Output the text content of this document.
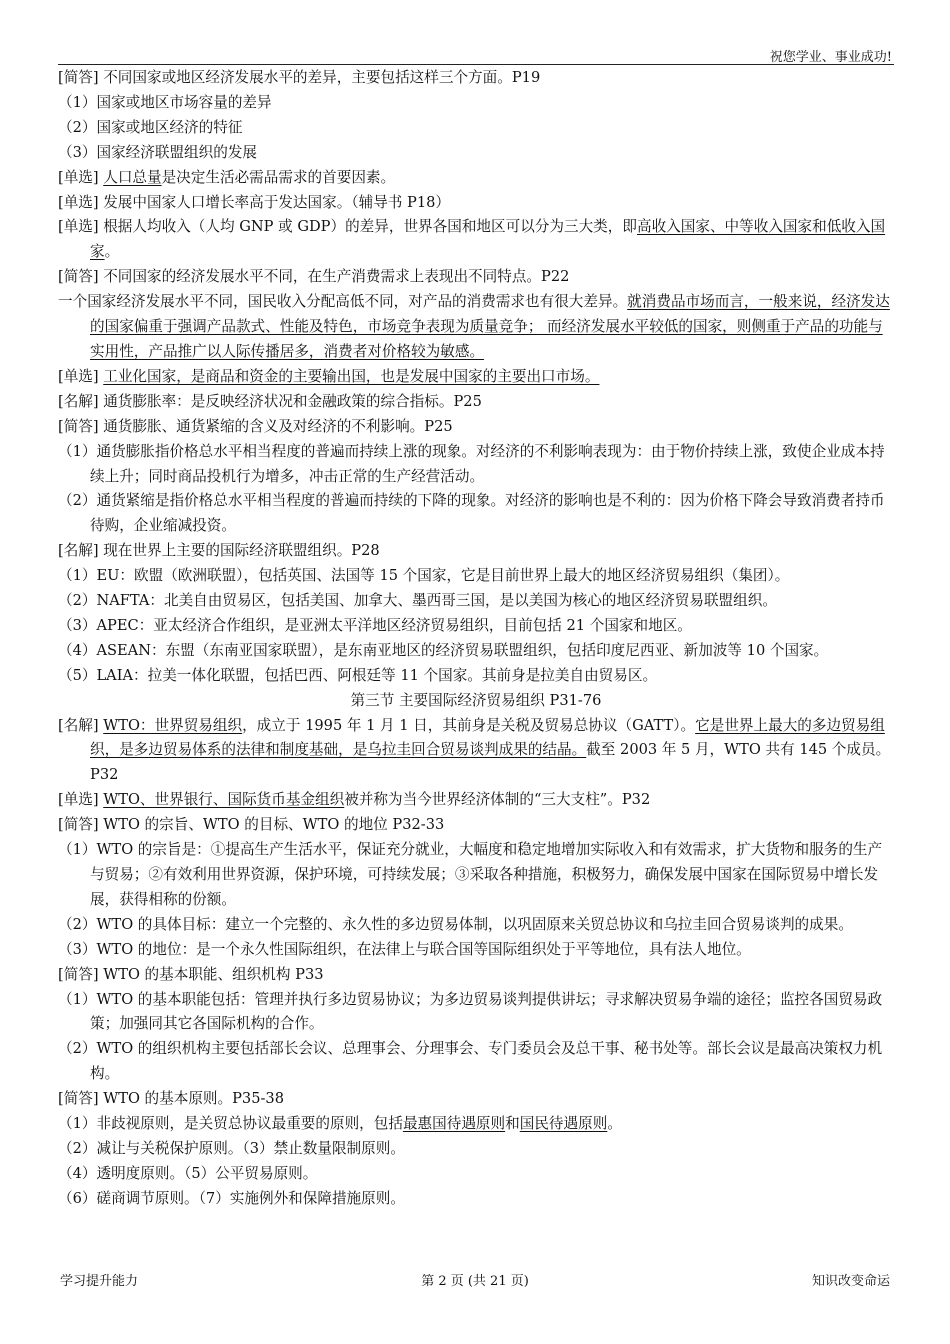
祝您学业、事业成功!
[简答] 不同国家或地区经济发展水平的差异，主要包括这样三个方面。P19
（1）国家或地区市场容量的差异
（2）国家或地区经济的特征
（3）国家经济联盟组织的发展
[单选] 人口总量是决定生活必需品需求的首要因素。
[单选] 发展中国家人口增长率高于发达国家。（辅导书 P18）
[单选] 根据人均收入（人均 GNP 或 GDP）的差异，世界各国和地区可以分为三大类，即高收入国家、中等收入国家和低收入国家。
[简答] 不同国家的经济发展水平不同，在生产消费需求上表现出不同特点。P22
一个国家经济发展水平不同，国民收入分配高低不同，对产品的消费需求也有很大差异。就消费品市场而言，一般来说，经济发达的国家偏重于强调产品款式、性能及特色，市场竞争表现为质量竞争； 而经济发展水平较低的国家，则侧重于产品的功能与实用性，产品推广以人际传播居多，消费者对价格较为敏感。
[单选] 工业化国家，是商品和资金的主要输出国，也是发展中国家的主要出口市场。
[名解] 通货膨胀率：是反映经济状况和金融政策的综合指标。P25
[简答] 通货膨胀、通货紧缩的含义及对经济的不利影响。P25
（1）通货膨胀指价格总水平相当程度的普遍而持续上涨的现象。对经济的不利影响表现为：由于物价持续上涨，致使企业成本持续上升；同时商品投机行为增多，冲击正常的生产经营活动。
（2）通货紧缩是指价格总水平相当程度的普遍而持续的下降的现象。对经济的影响也是不利的：因为价格下降会导致消费者持币待购，企业缩减投资。
[名解] 现在世界上主要的国际经济联盟组织。P28
（1）EU：欧盟（欧洲联盟），包括英国、法国等 15 个国家，它是目前世界上最大的地区经济贸易组织（集团）。
（2）NAFTA：北美自由贸易区，包括美国、加拿大、墨西哥三国，是以美国为核心的地区经济贸易联盟组织。
（3）APEC：亚太经济合作组织，是亚洲太平洋地区经济贸易组织，目前包括 21 个国家和地区。
（4）ASEAN：东盟（东南亚国家联盟），是东南亚地区的经济贸易联盟组织，包括印度尼西亚、新加波等 10 个国家。
（5）LAIA：拉美一体化联盟，包括巴西、阿根廷等 11 个国家。其前身是拉美自由贸易区。
第三节 主要国际经济贸易组织 P31-76
[名解] WTO：世界贸易组织，成立于 1995 年 1 月 1 日，其前身是关税及贸易总协议（GATT）。它是世界上最大的多边贸易组织，是多边贸易体系的法律和制度基础，是乌拉圭回合贸易谈判成果的结晶。截至 2003 年 5 月，WTO 共有 145 个成员。P32
[单选] WTO、世界银行、国际货币基金组织被并称为当今世界经济体制的“三大支柱”。P32
[简答] WTO 的宗旨、WTO 的目标、WTO 的地位 P32-33
（1）WTO 的宗旨是：①提高生产生活水平，保证充分就业，大幅度和稳定地增加实际收入和有效需求，扩大货物和服务的生产与贸易；②有效利用世界资源，保护环境，可持续发展；③采取各种措施，积极努力，确保发展中国家在国际贸易中增长发展，获得相称的份额。
（2）WTO 的具体目标：建立一个完整的、永久性的多边贸易体制，以巩固原来关贸总协议和乌拉圭回合贸易谈判的成果。
（3）WTO 的地位：是一个永久性国际组织，在法律上与联合国等国际组织处于平等地位，具有法人地位。
[简答] WTO 的基本职能、组织机构 P33
（1）WTO 的基本职能包括：管理并执行多边贸易协议；为多边贸易谈判提供讲坛；寻求解决贸易争端的途径；监控各国贸易政策；加强同其它各国际机构的合作。
（2）WTO 的组织机构主要包括部长会议、总理事会、分理事会、专门委员会及总干事、秘书处等。部长会议是最高决策权力机构。
[简答] WTO 的基本原则。P35-38
（1）非歧视原则，是关贸总协议最重要的原则，包括最惠国待遇原则和国民待遇原则。
（2）减让与关税保护原则。（3）禁止数量限制原则。
（4）透明度原则。（5）公平贸易原则。
（6）磋商调节原则。（7）实施例外和保障措施原则。
学习提升能力	第 2 页 (共 21 页)	知识改变命运
